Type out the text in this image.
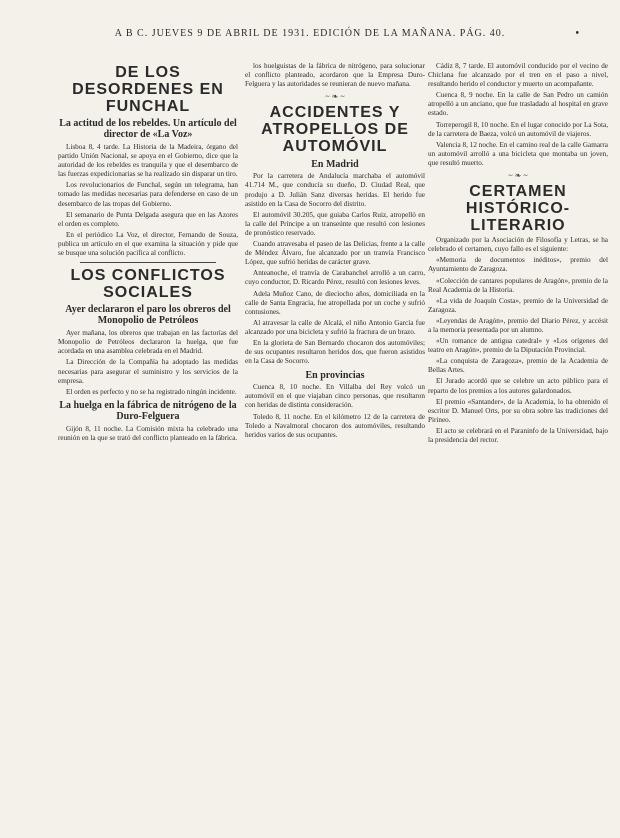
A B C. JUEVES 9 DE ABRIL DE 1931. EDICIÓN DE LA MAÑANA. PÁG. 40.	•
DE LOS DESORDENES EN FUNCHAL
La actitud de los rebeldes. Un artículo del director de «La Voz»

Lisboa 8, 4 tarde. La Historia de la Madeira, órgano del partido Unión Nacional, se apoya en el Gobierno, dice que la autoridad de los rebeldes es tranquila y que el desembarco de las fuerzas expedicionarias se ha realizado sin disparar un tiro.

Los revolucionarios de Funchal, según un telegrama, han tomado las medidas necesarias para defenderse en caso de un desembarco de las tropas del Gobierno.

El semanario de Punta Delgada asegura que en las Azores el orden es completo.

En el periódico La Voz, el director, Fernando de Souza, publica un artículo en el que examina la situación y pide que se busque una solución pacífica al conflicto.

LOS CONFLICTOS SOCIALES
Ayer declararon el paro los obreros del Monopolio de Petróleos

Ayer mañana, los obreros que trabajan en las factorías del Monopolio de Petróleos declararon la huelga, que fue acordada en una asamblea celebrada en el Madrid.

La Dirección de la Compañía ha adoptado las medidas necesarias para asegurar el suministro y los servicios de la empresa.

El orden es perfecto y no se ha registrado ningún incidente.

La huelga en la fábrica de nitrógeno de la Duro-Felguera

Gijón 8, 11 noche. La Comisión mixta ha celebrado una reunión en la que se trató del conflicto planteado en la fábrica.

los huelguistas de la fábrica de nitrógeno, para solucionar el conflicto planteado, acordaron que la Empresa Duro-Felguera y las autoridades se reunieran de nuevo mañana.

~ ❧ ~
ACCIDENTES Y ATROPELLOS DE AUTOMÓVIL
En Madrid

Por la carretera de Andalucía marchaba el automóvil 41.714 M., que conducía su dueño, D. Ciudad Real, que produjo a D. Julián Sanz diversas heridas. El herido fue asistido en la Casa de Socorro del distrito.

El automóvil 30.205, que guiaba Carlos Ruiz, atropelló en la calle del Príncipe a un transeúnte que resultó con lesiones de pronóstico reservado.

Cuando atravesaba el paseo de las Delicias, frente a la calle de Méndez Álvaro, fue alcanzado por un tranvía Francisco López, que sufrió heridas de carácter grave.

Anteanoche, el tranvía de Carabanchel arrolló a un carro, cuyo conductor, D. Ricardo Pérez, resultó con lesiones leves.

Adela Muñoz Cano, de dieciocho años, domiciliada en la calle de Santa Engracia, fue atropellada por un coche y sufrió contusiones.

Al atravesar la calle de Alcalá, el niño Antonio García fue alcanzado por una bicicleta y sufrió la fractura de un brazo.

En la glorieta de San Bernardo chocaron dos automóviles; de sus ocupantes resultaron heridos dos, que fueron asistidos en la Casa de Socorro.

En provincias

Cuenca 8, 10 noche. En Villalba del Rey volcó un automóvil en el que viajaban cinco personas, que resultaron con heridas de distinta consideración.

Toledo 8, 11 noche. En el kilómetro 12 de la carretera de Toledo a Navalmoral chocaron dos automóviles, resultando heridos varios de sus ocupantes.

Cádiz 8, 7 tarde. El automóvil conducido por el vecino de Chiclana fue alcanzado por el tren en el paso a nivel, resultando herido el conductor y muerto un acompañante.

Cuenca 8, 9 noche. En la calle de San Pedro un camión atropelló a un anciano, que fue trasladado al hospital en grave estado.

Torreperogil 8, 10 noche. En el lugar conocido por La Sota, de la carretera de Baeza, volcó un automóvil de viajeros.

Valencia 8, 12 noche. En el camino real de la calle Gamarra un automóvil arrolló a una bicicleta que montaba un joven, que resultó muerto.

~ ❧ ~
CERTAMEN HISTÓRICO-LITERARIO

Organizado por la Asociación de Filosofía y Letras, se ha celebrado el certamen, cuyo fallo es el siguiente:

«Memoria de documentos inéditos», premio del Ayuntamiento de Zaragoza.

«Colección de cantares populares de Aragón», premio de la Real Academia de la Historia.

«La vida de Joaquín Costa», premio de la Universidad de Zaragoza.

«Leyendas de Aragón», premio del Diario Pérez, y accésit a la memoria presentada por un alumno.

«Un romance de antigua catedral» y «Los orígenes del teatro en Aragón», premio de la Diputación Provincial.

«La conquista de Zaragoza», premio de la Academia de Bellas Artes.

El Jurado acordó que se celebre un acto público para el reparto de los premios a los autores galardonados.

El premio «Santander», de la Academia, lo ha obtenido el escritor D. Manuel Orts, por su obra sobre las tradiciones del Pirineo.

El acto se celebrará en el Paraninfo de la Universidad, bajo la presidencia del rector.
